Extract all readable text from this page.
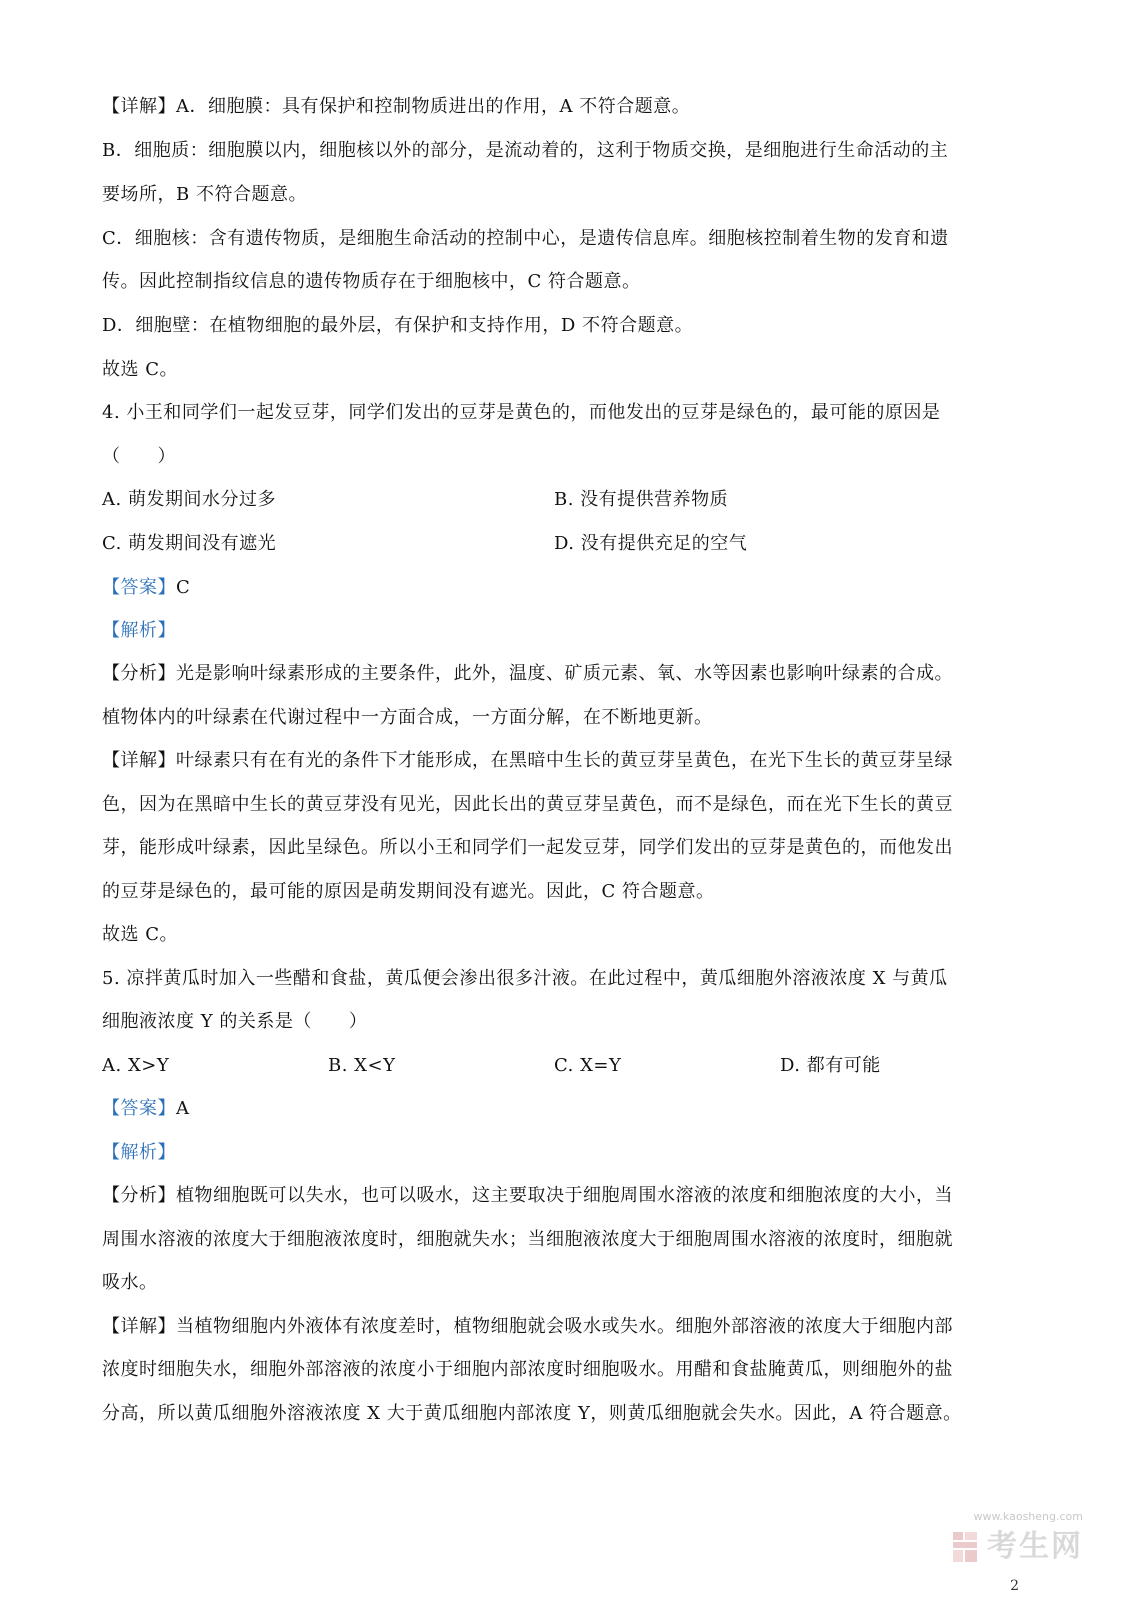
【详解】A．细胞膜：具有保护和控制物质进出的作用，A 不符合题意。
B．细胞质：细胞膜以内，细胞核以外的部分，是流动着的，这利于物质交换，是细胞进行生命活动的主
要场所，B 不符合题意。
C．细胞核：含有遗传物质，是细胞生命活动的控制中心，是遗传信息库。细胞核控制着生物的发育和遗
传。因此控制指纹信息的遗传物质存在于细胞核中，C 符合题意。
D．细胞壁：在植物细胞的最外层，有保护和支持作用，D 不符合题意。
故选 C。
4. 小王和同学们一起发豆芽，同学们发出的豆芽是黄色的，而他发出的豆芽是绿色的，最可能的原因是
（　　）
A. 萌发期间水分过多	B. 没有提供营养物质
C. 萌发期间没有遮光	D. 没有提供充足的空气
【答案】C
【解析】
【分析】光是影响叶绿素形成的主要条件，此外，温度、矿质元素、氧、水等因素也影响叶绿素的合成。
植物体内的叶绿素在代谢过程中一方面合成，一方面分解，在不断地更新。
【详解】叶绿素只有在有光的条件下才能形成，在黑暗中生长的黄豆芽呈黄色，在光下生长的黄豆芽呈绿
色，因为在黑暗中生长的黄豆芽没有见光，因此长出的黄豆芽呈黄色，而不是绿色，而在光下生长的黄豆
芽，能形成叶绿素，因此呈绿色。所以小王和同学们一起发豆芽，同学们发出的豆芽是黄色的，而他发出
的豆芽是绿色的，最可能的原因是萌发期间没有遮光。因此，C 符合题意。
故选 C。
5. 凉拌黄瓜时加入一些醋和食盐，黄瓜便会渗出很多汁液。在此过程中，黄瓜细胞外溶液浓度 X 与黄瓜
细胞液浓度 Y 的关系是（　　）
A. X>Y	B. X<Y	C. X=Y	D. 都有可能
【答案】A
【解析】
【分析】植物细胞既可以失水，也可以吸水，这主要取决于细胞周围水溶液的浓度和细胞浓度的大小，当
周围水溶液的浓度大于细胞液浓度时，细胞就失水；当细胞液浓度大于细胞周围水溶液的浓度时，细胞就
吸水。
【详解】当植物细胞内外液体有浓度差时，植物细胞就会吸水或失水。细胞外部溶液的浓度大于细胞内部
浓度时细胞失水，细胞外部溶液的浓度小于细胞内部浓度时细胞吸水。用醋和食盐腌黄瓜，则细胞外的盐
分高，所以黄瓜细胞外溶液浓度 X 大于黄瓜细胞内部浓度 Y，则黄瓜细胞就会失水。因此，A 符合题意。
www.kaosheng.com
考生网
2
